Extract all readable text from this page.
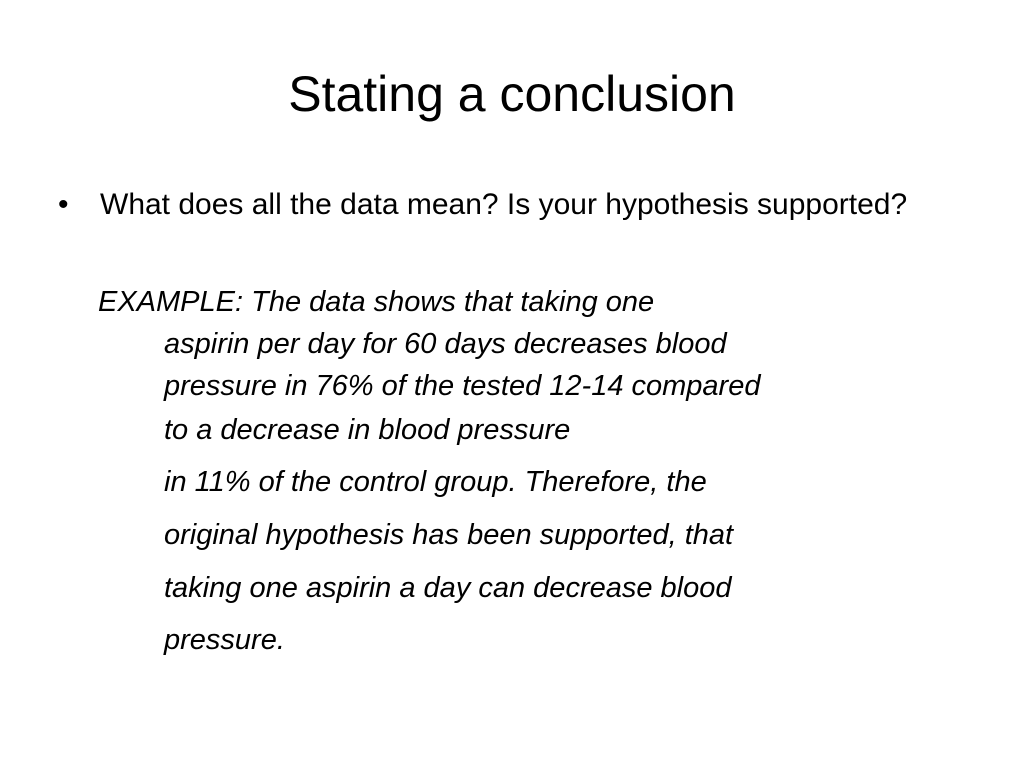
Stating a conclusion
• What does all the data mean? Is your hypothesis supported?
EXAMPLE: The data shows that taking one
aspirin per day for 60 days decreases blood
pressure in 76% of the tested 12-14 compared
to a decrease in blood pressure
in 11% of the control group. Therefore, the
original hypothesis has been supported, that
taking one aspirin a day can decrease blood
pressure.
